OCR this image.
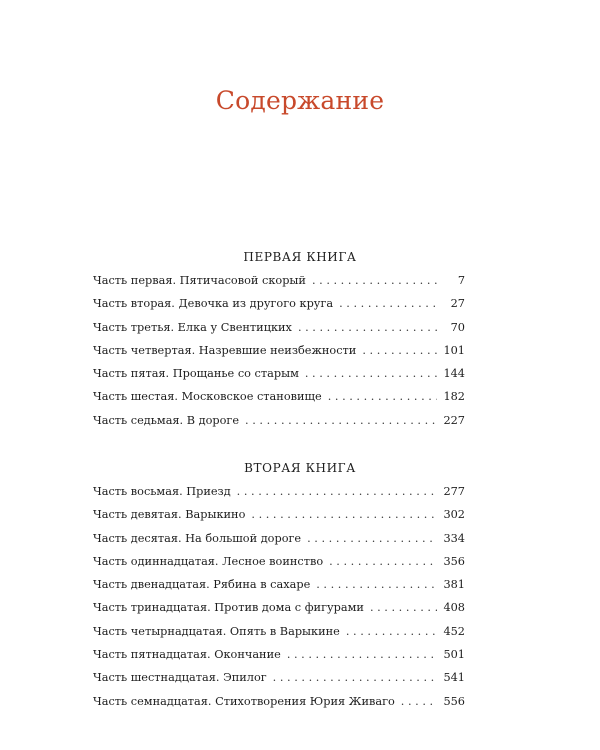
Содержание
ПЕРВАЯ КНИГА
Часть первая. Пятичасовой скорый . . .	7
Часть вторая. Девочка из другого круга . . .	27
Часть третья. Елка у Свентицких . . .	70
Часть четвертая. Назревшие неизбежности . . .	101
Часть пятая. Прощанье со старым . . .	144
Часть шестая. Московское становище . . .	182
Часть седьмая. В дороге . . .	227
ВТОРАЯ КНИГА
Часть восьмая. Приезд . . .	277
Часть девятая. Варыкино . . .	302
Часть десятая. На большой дороге . . .	334
Часть одиннадцатая. Лесное воинство . . .	356
Часть двенадцатая. Рябина в сахаре . . .	381
Часть тринадцатая. Против дома с фигурами . . .	408
Часть четырнадцатая. Опять в Варыкине . . .	452
Часть пятнадцатая. Окончание . . .	501
Часть шестнадцатая. Эпилог . . .	541
Часть семнадцатая. Стихотворения Юрия Живаго . . .	556
